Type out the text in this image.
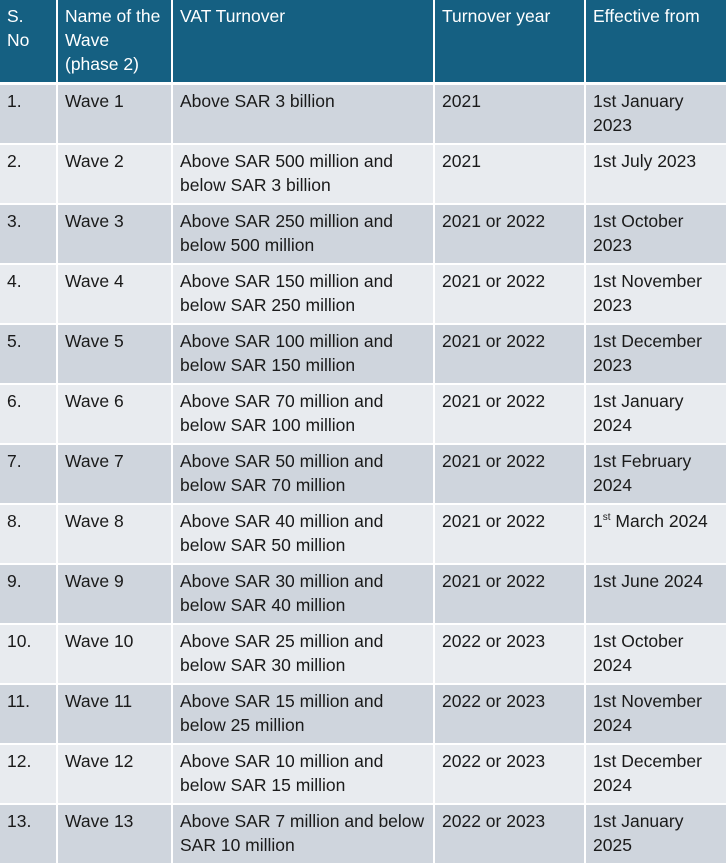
S. No	Name of the Wave (phase 2)	VAT Turnover	Turnover year	Effective from
1.	Wave 1	Above SAR 3 billion	2021	1st January 2023
2.	Wave 2	Above SAR 500 million and below SAR 3 billion	2021	1st July 2023
3.	Wave 3	Above SAR 250 million and below 500 million	2021 or 2022	1st October 2023
4.	Wave 4	Above SAR 150 million and below SAR 250 million	2021 or 2022	1st November 2023
5.	Wave 5	Above SAR 100 million and below SAR 150 million	2021 or 2022	1st December 2023
6.	Wave 6	Above SAR 70 million and below SAR 100 million	2021 or 2022	1st January 2024
7.	Wave 7	Above SAR 50 million and below SAR 70 million	2021 or 2022	1st February 2024
8.	Wave 8	Above SAR 40 million and below SAR 50 million	2021 or 2022	1st March 2024
9.	Wave 9	Above SAR 30 million and below SAR 40 million	2021 or 2022	1st June 2024
10.	Wave 10	Above SAR 25 million and below SAR 30 million	2022 or 2023	1st October 2024
11.	Wave 11	Above SAR 15 million and below 25 million	2022 or 2023	1st November 2024
12.	Wave 12	Above SAR 10 million and below SAR 15 million	2022 or 2023	1st December 2024
13.	Wave 13	Above SAR 7 million and below SAR 10 million	2022 or 2023	1st January 2025
